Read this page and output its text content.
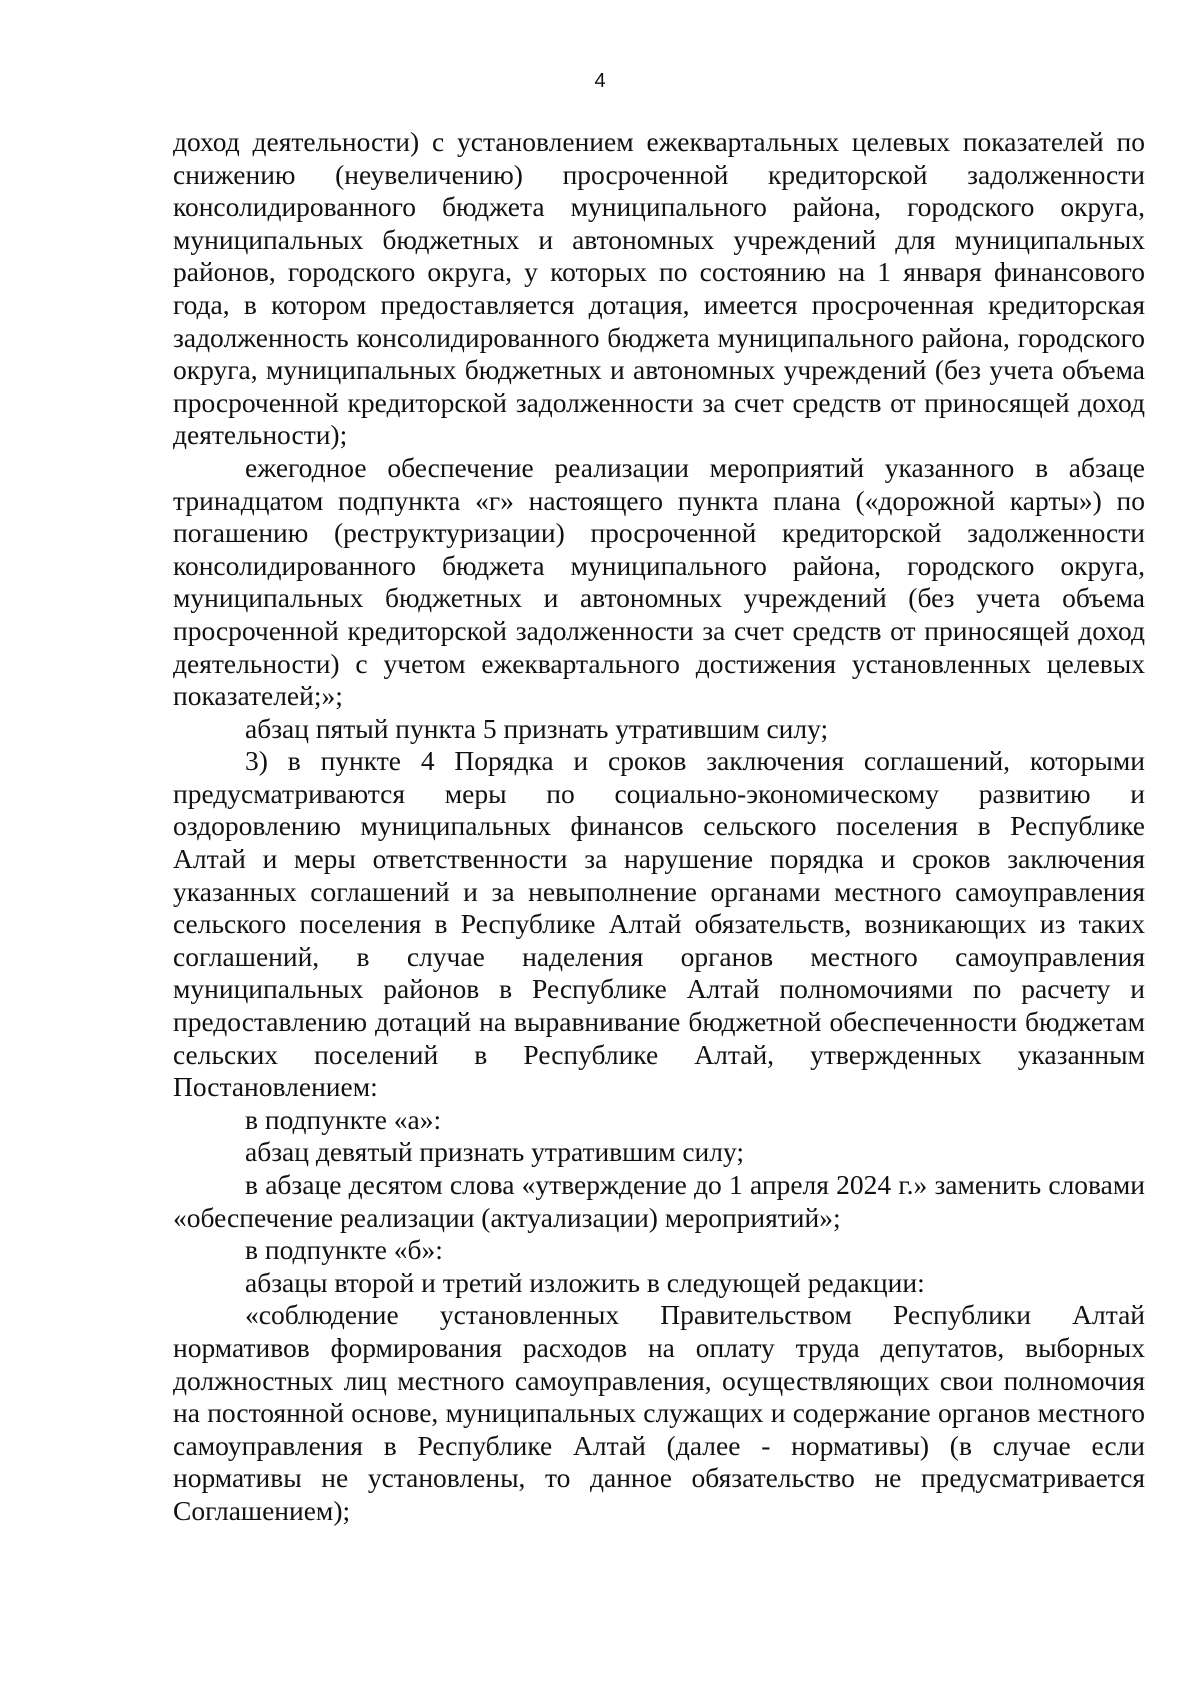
4

доход деятельности) с установлением ежеквартальных целевых показателей по снижению (неувеличению) просроченной кредиторской задолженности консолидированного бюджета муниципального района, городского округа, муниципальных бюджетных и автономных учреждений для муниципальных районов, городского округа, у которых по состоянию на 1 января финансового года, в котором предоставляется дотация, имеется просроченная кредиторская задолженность консолидированного бюджета муниципального района, городского округа, муниципальных бюджетных и автономных учреждений (без учета объема просроченной кредиторской задолженности за счет средств от приносящей доход деятельности);

ежегодное обеспечение реализации мероприятий указанного в абзаце тринадцатом подпункта «г» настоящего пункта плана («дорожной карты») по погашению (реструктуризации) просроченной кредиторской задолженности консолидированного бюджета муниципального района, городского округа, муниципальных бюджетных и автономных учреждений (без учета объема просроченной кредиторской задолженности за счет средств от приносящей доход деятельности) с учетом ежеквартального достижения установленных целевых показателей;»;

абзац пятый пункта 5 признать утратившим силу;

3) в пункте 4 Порядка и сроков заключения соглашений, которыми предусматриваются меры по социально-экономическому развитию и оздоровлению муниципальных финансов сельского поселения в Республике Алтай и меры ответственности за нарушение порядка и сроков заключения указанных соглашений и за невыполнение органами местного самоуправления сельского поселения в Республике Алтай обязательств, возникающих из таких соглашений, в случае наделения органов местного самоуправления муниципальных районов в Республике Алтай полномочиями по расчету и предоставлению дотаций на выравнивание бюджетной обеспеченности бюджетам сельских поселений в Республике Алтай, утвержденных указанным Постановлением:

в подпункте «а»:

абзац девятый признать утратившим силу;

в абзаце десятом слова «утверждение до 1 апреля 2024 г.» заменить словами «обеспечение реализации (актуализации) мероприятий»;

в подпункте «б»:

абзацы второй и третий изложить в следующей редакции:

«соблюдение установленных Правительством Республики Алтай нормативов формирования расходов на оплату труда депутатов, выборных должностных лиц местного самоуправления, осуществляющих свои полномочия на постоянной основе, муниципальных служащих и содержание органов местного самоуправления в Республике Алтай (далее - нормативы) (в случае если нормативы не установлены, то данное обязательство не предусматривается Соглашением);
